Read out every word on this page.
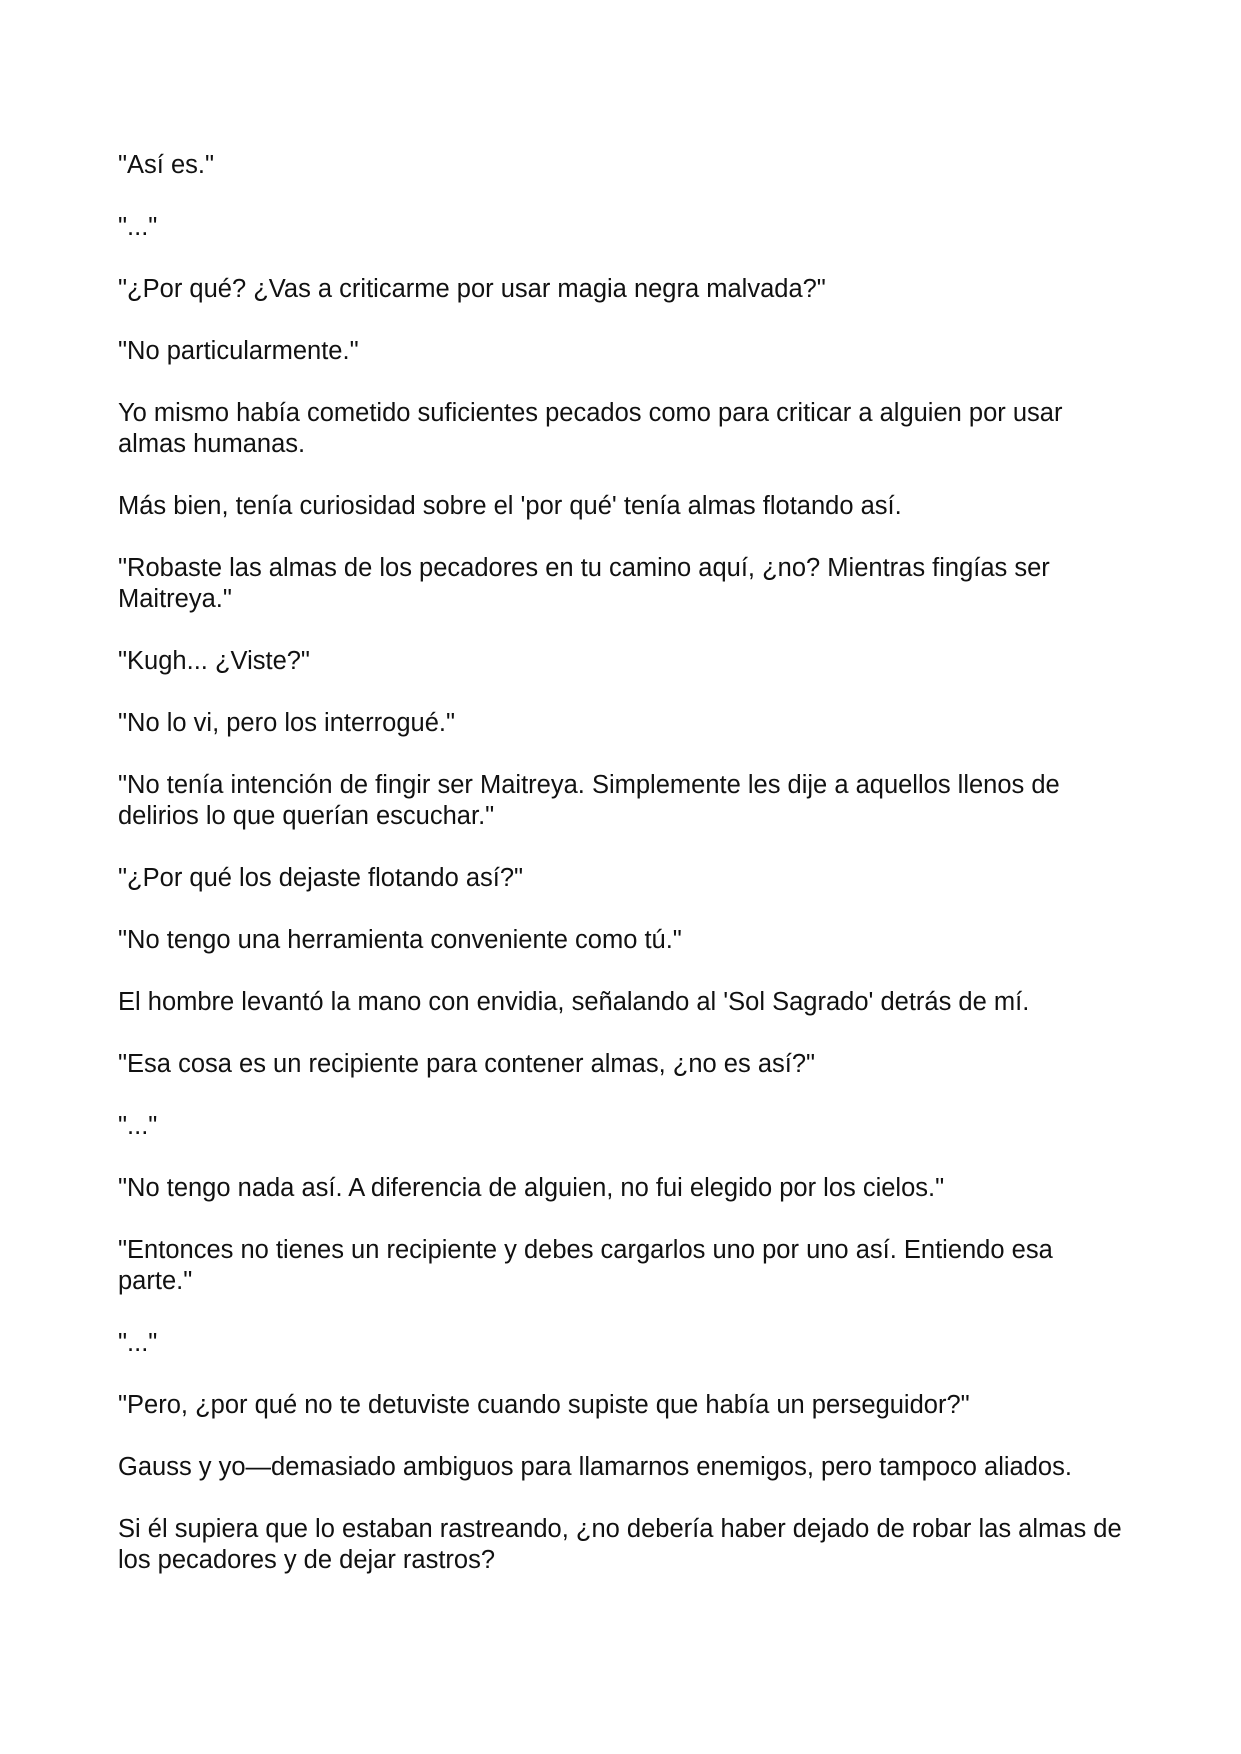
"Así es."

"..."

"¿Por qué? ¿Vas a criticarme por usar magia negra malvada?"

"No particularmente."

Yo mismo había cometido suficientes pecados como para criticar a alguien por usar almas humanas.

Más bien, tenía curiosidad sobre el 'por qué' tenía almas flotando así.

"Robaste las almas de los pecadores en tu camino aquí, ¿no? Mientras fingías ser Maitreya."

"Kugh... ¿Viste?"

"No lo vi, pero los interrogué."

"No tenía intención de fingir ser Maitreya. Simplemente les dije a aquellos llenos de delirios lo que querían escuchar."

"¿Por qué los dejaste flotando así?"

"No tengo una herramienta conveniente como tú."

El hombre levantó la mano con envidia, señalando al 'Sol Sagrado' detrás de mí.

"Esa cosa es un recipiente para contener almas, ¿no es así?"

"..."

"No tengo nada así. A diferencia de alguien, no fui elegido por los cielos."

"Entonces no tienes un recipiente y debes cargarlos uno por uno así. Entiendo esa parte."

"..."

"Pero, ¿por qué no te detuviste cuando supiste que había un perseguidor?"

Gauss y yo—demasiado ambiguos para llamarnos enemigos, pero tampoco aliados.

Si él supiera que lo estaban rastreando, ¿no debería haber dejado de robar las almas de los pecadores y de dejar rastros?
